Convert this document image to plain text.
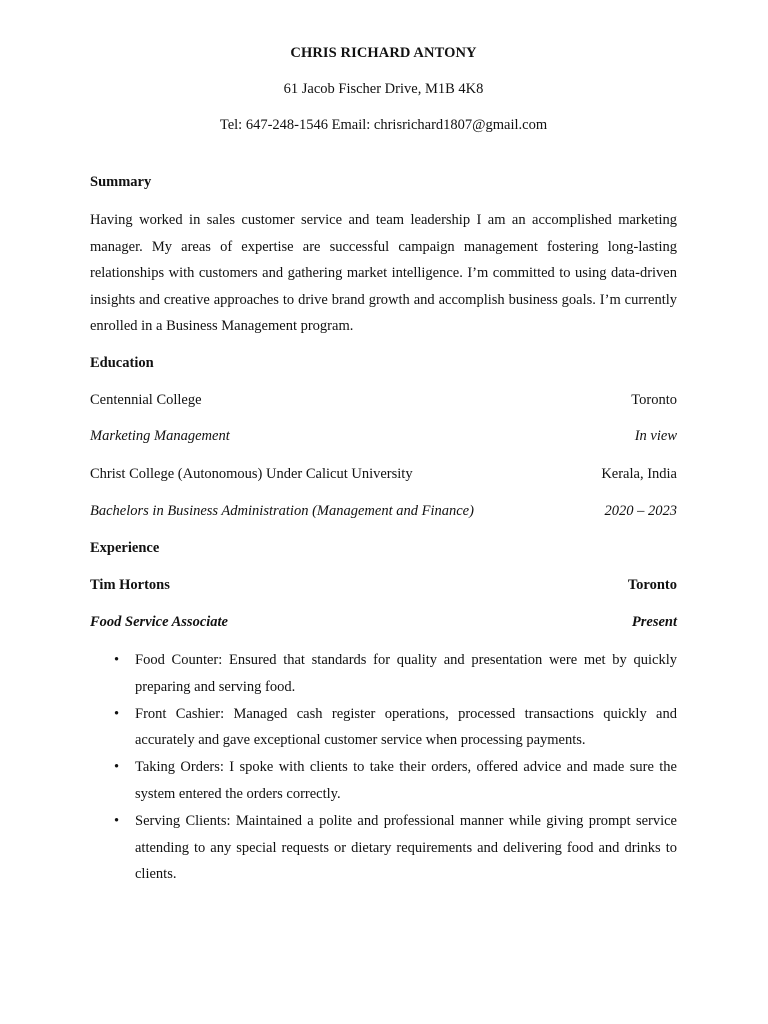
CHRIS RICHARD ANTONY
61 Jacob Fischer Drive, M1B 4K8
Tel: 647-248-1546 Email: chrisrichard1807@gmail.com
Summary
Having worked in sales customer service and team leadership I am an accomplished marketing manager. My areas of expertise are successful campaign management fostering long-lasting relationships with customers and gathering market intelligence. I’m committed to using data-driven insights and creative approaches to drive brand growth and accomplish business goals. I’m currently enrolled in a Business Management program.
Education
Centennial College	Toronto
Marketing Management	In view
Christ College (Autonomous) Under Calicut University	Kerala, India
Bachelors in Business Administration (Management and Finance)	2020 – 2023
Experience
Tim Hortons	Toronto
Food Service Associate	Present
• Food Counter: Ensured that standards for quality and presentation were met by quickly preparing and serving food.
• Front Cashier: Managed cash register operations, processed transactions quickly and accurately and gave exceptional customer service when processing payments.
• Taking Orders: I spoke with clients to take their orders, offered advice and made sure the system entered the orders correctly.
• Serving Clients: Maintained a polite and professional manner while giving prompt service attending to any special requests or dietary requirements and delivering food and drinks to clients.
